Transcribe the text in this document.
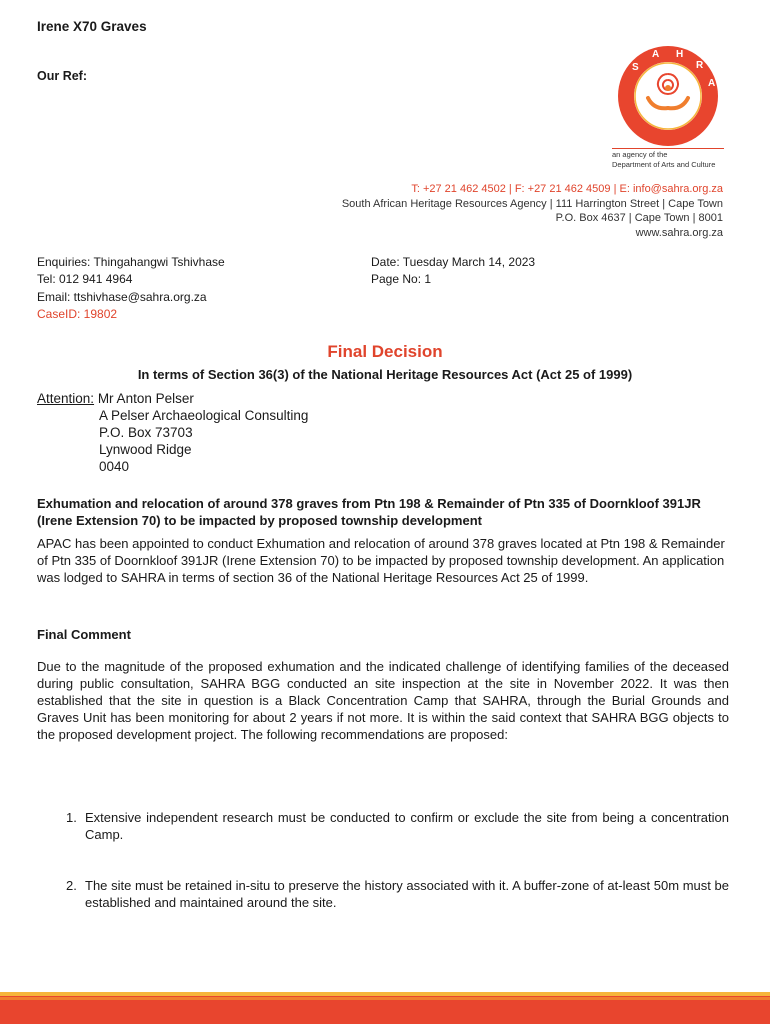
Irene X70 Graves
Our Ref:
S
A H
R
A
an agency of the
Department of Arts and Culture
T: +27 21 462 4502 | F: +27 21 462 4509 | E: info@sahra.org.za
South African Heritage Resources Agency | 111 Harrington Street | Cape Town
P.O. Box 4637 | Cape Town | 8001
www.sahra.org.za
Enquiries: Thingahangwi Tshivhase
Tel: 012 941 4964
Email: ttshivhase@sahra.org.za
CaseID: 19802
Date: Tuesday March 14, 2023
Page No: 1
Final Decision
In terms of Section 36(3) of the National Heritage Resources Act (Act 25 of 1999)
Attention: Mr Anton Pelser
A Pelser Archaeological Consulting
P.O. Box 73703
Lynwood Ridge
0040
Exhumation and relocation of around 378 graves from Ptn 198 & Remainder of Ptn 335 of Doornkloof 391JR (Irene Extension 70) to be impacted by proposed township development
APAC has been appointed to conduct Exhumation and relocation of around 378 graves located at Ptn 198 & Remainder of Ptn 335 of Doornkloof 391JR (Irene Extension 70) to be impacted by proposed township development. An application was lodged to SAHRA in terms of section 36 of the National Heritage Resources Act 25 of 1999.
Final Comment
Due to the magnitude of the proposed exhumation and the indicated challenge of identifying families of the deceased during public consultation, SAHRA BGG conducted an site inspection at the site in November 2022. It was then established that the site in question is a Black Concentration Camp that SAHRA, through the Burial Grounds and Graves Unit has been monitoring for about 2 years if not more. It is within the said context that SAHRA BGG objects to the proposed development project. The following recommendations are proposed:
1. Extensive independent research must be conducted to confirm or exclude the site from being a concentration Camp.
2. The site must be retained in-situ to preserve the history associated with it. A buffer-zone of at-least 50m must be established and maintained around the site.
